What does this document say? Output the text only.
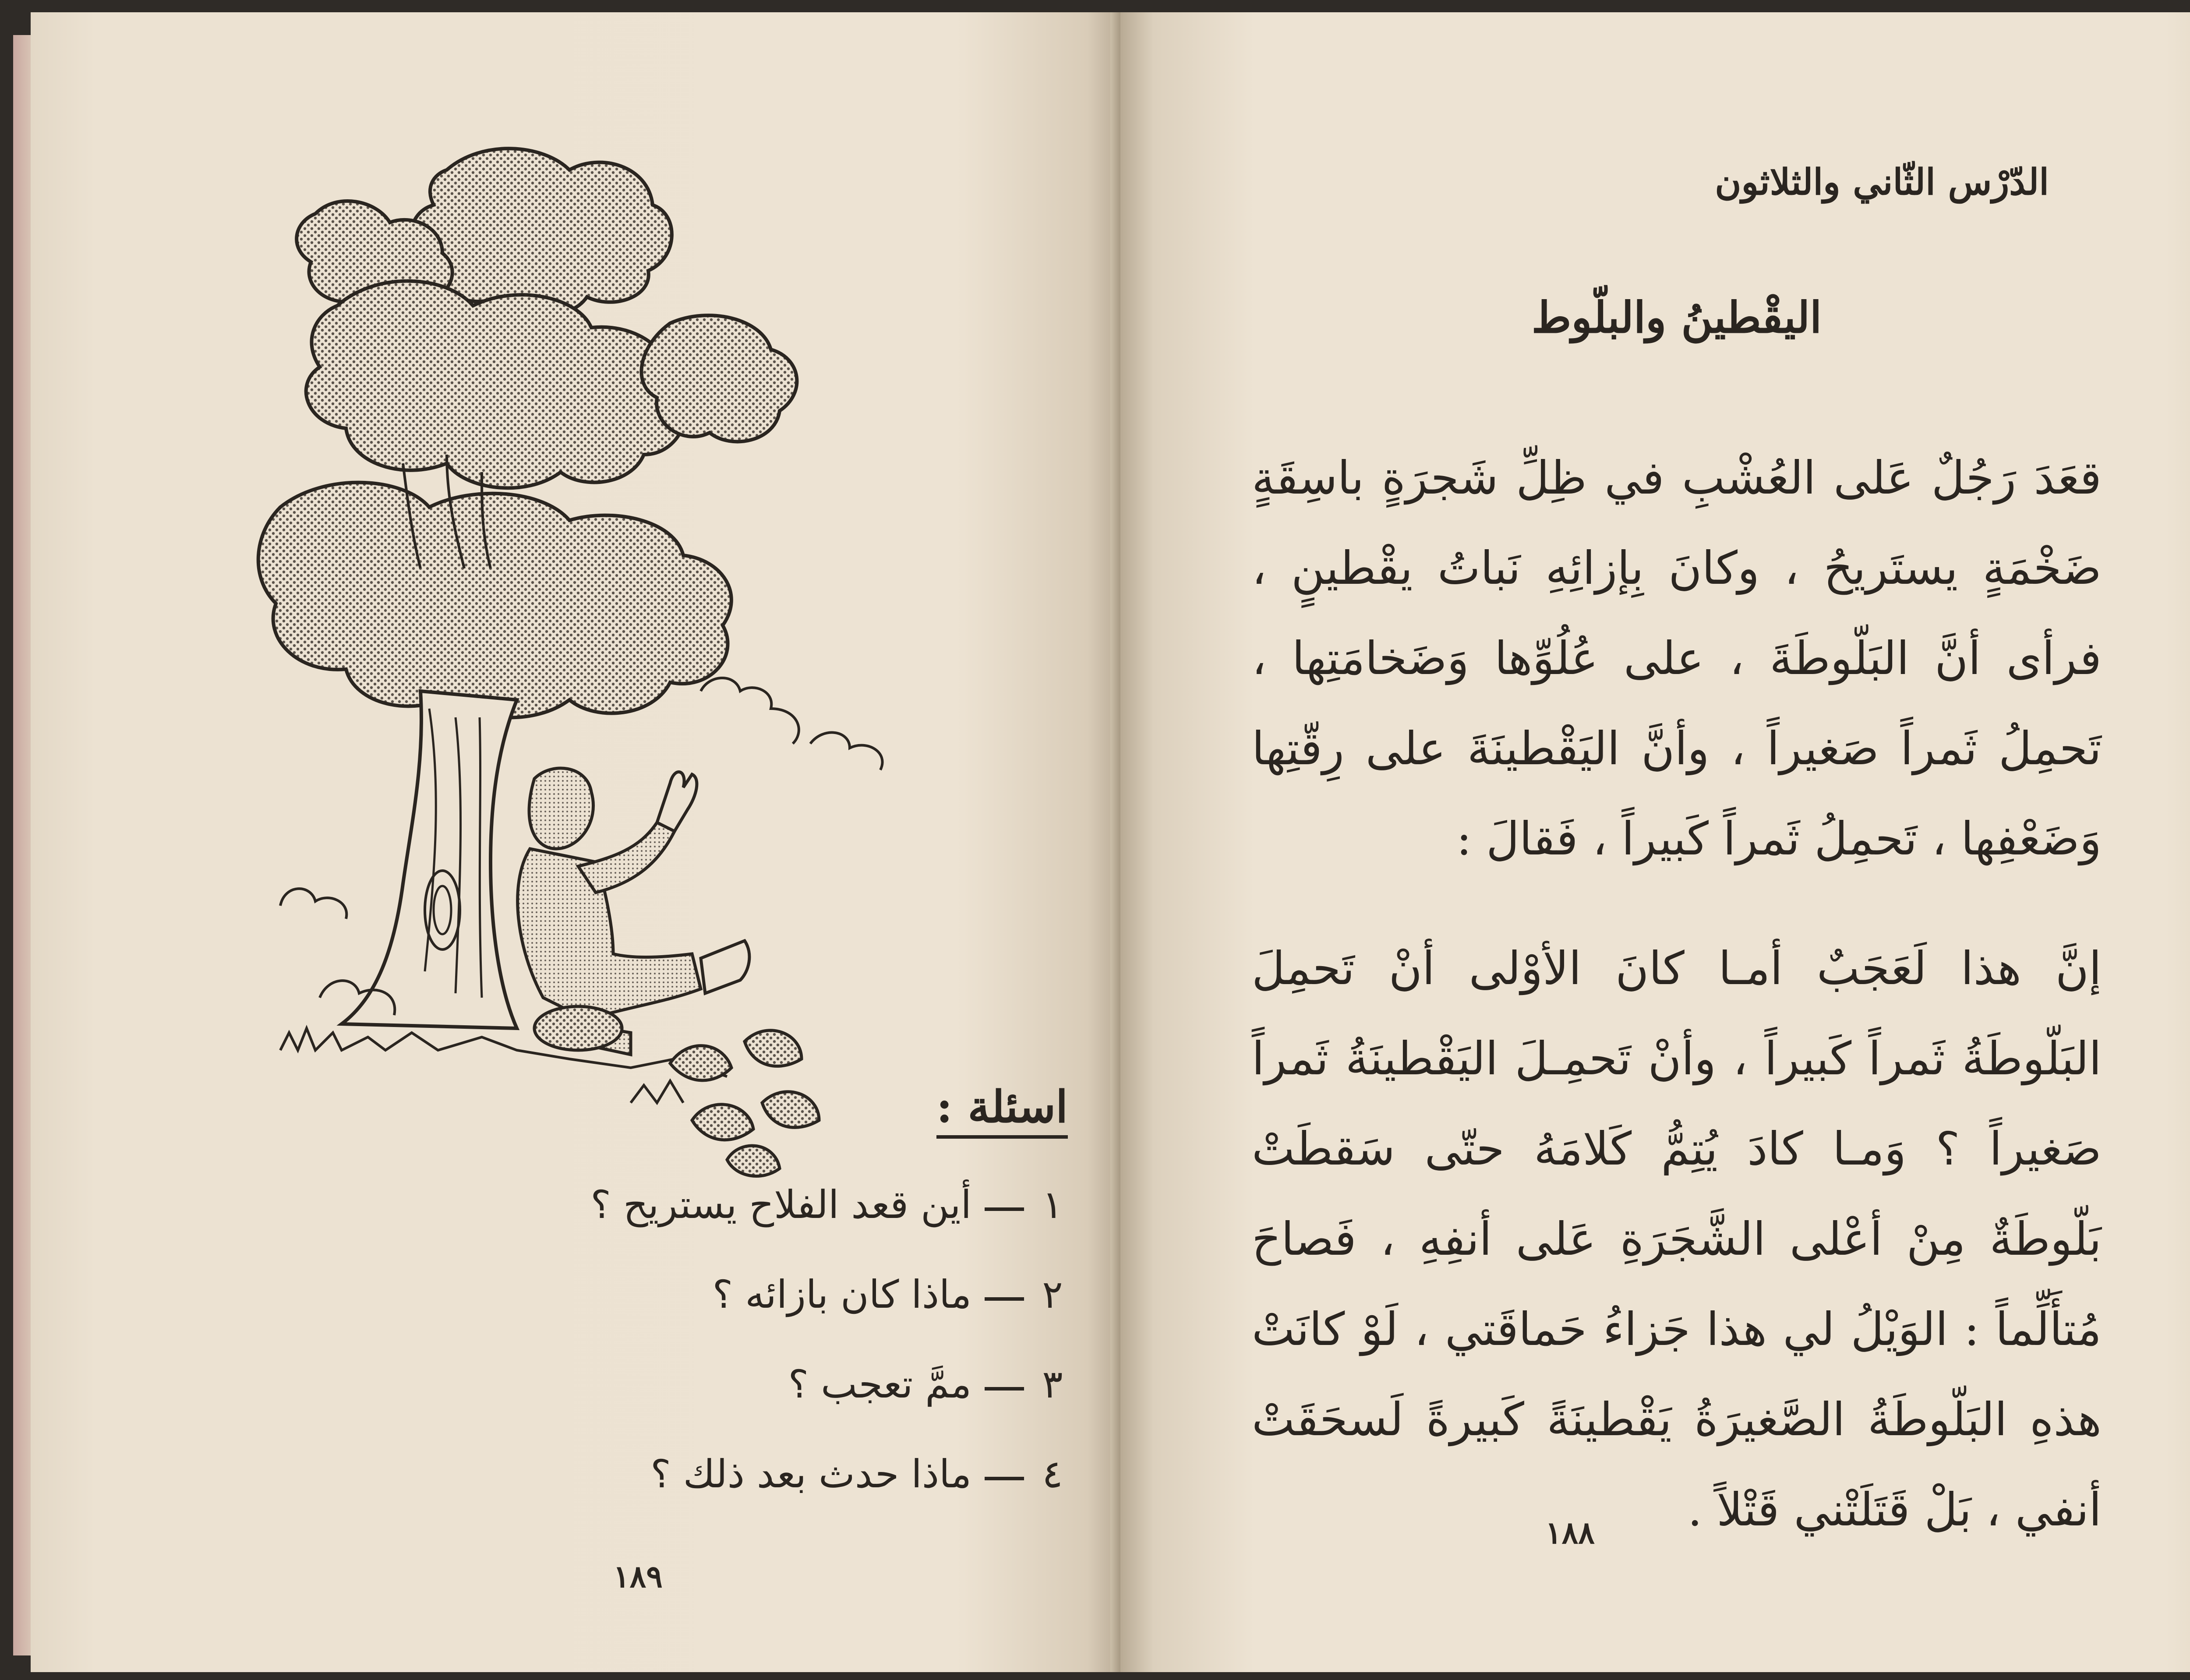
اسئلة :
١
أين قعد الفلاح يستريح ؟
٢
ماذا كان بازائه ؟
٣
ممَّ تعجب ؟
٤
ماذا حدث بعد ذلك ؟
١٨٩
الدّرْس الثّاني والثلاثون
اليقْطينُ والبلّوط

قعَدَ رَجُلٌ عَلى العُشْبِ في ظِلِّ شَجرَةٍ باسِقَةٍ ضَخْمَةٍ يستَريحُ ، وكانَ بِإزائِهِ نَباتُ يقْطينٍ ، فرأى أنَّ البَلّوطَةَ ، على عُلُوِّها وَضَخامَتِها ، تَحمِلُ ثَمراً صَغيراً ، وأنَّ اليَقْطينَةَ على رِقّتِها وَضَعْفِها ، تَحمِلُ ثَمراً كَبيراً ، فَقالَ :

إنَّ هذا لَعَجَبٌ أمـا كانَ الأوْلى أنْ تَحمِلَ البَلّوطَةُ ثَمراً كَبيراً ، وأنْ تَحمِـلَ اليَقْطينَةُ ثَمراً صَغيراً ؟ وَمـا كادَ يُتِمُّ كَلامَهُ حتّى سَقطَتْ بَلّوطَةٌ مِنْ أعْلى الشَّجَرَةِ عَلى أنفِهِ ، فَصاحَ مُتأَلِّماً : الوَيْلُ لي هذا جَزاءُ حَماقَتي ، لَوْ كانَتْ هذهِ البَلّوطَةُ الصَّغيرَةُ يَقْطينَةً كَبيرةً لَسحَقَتْ أنفي ، بَلْ قَتَلَتْني قَتْلاً .

١٨٨
